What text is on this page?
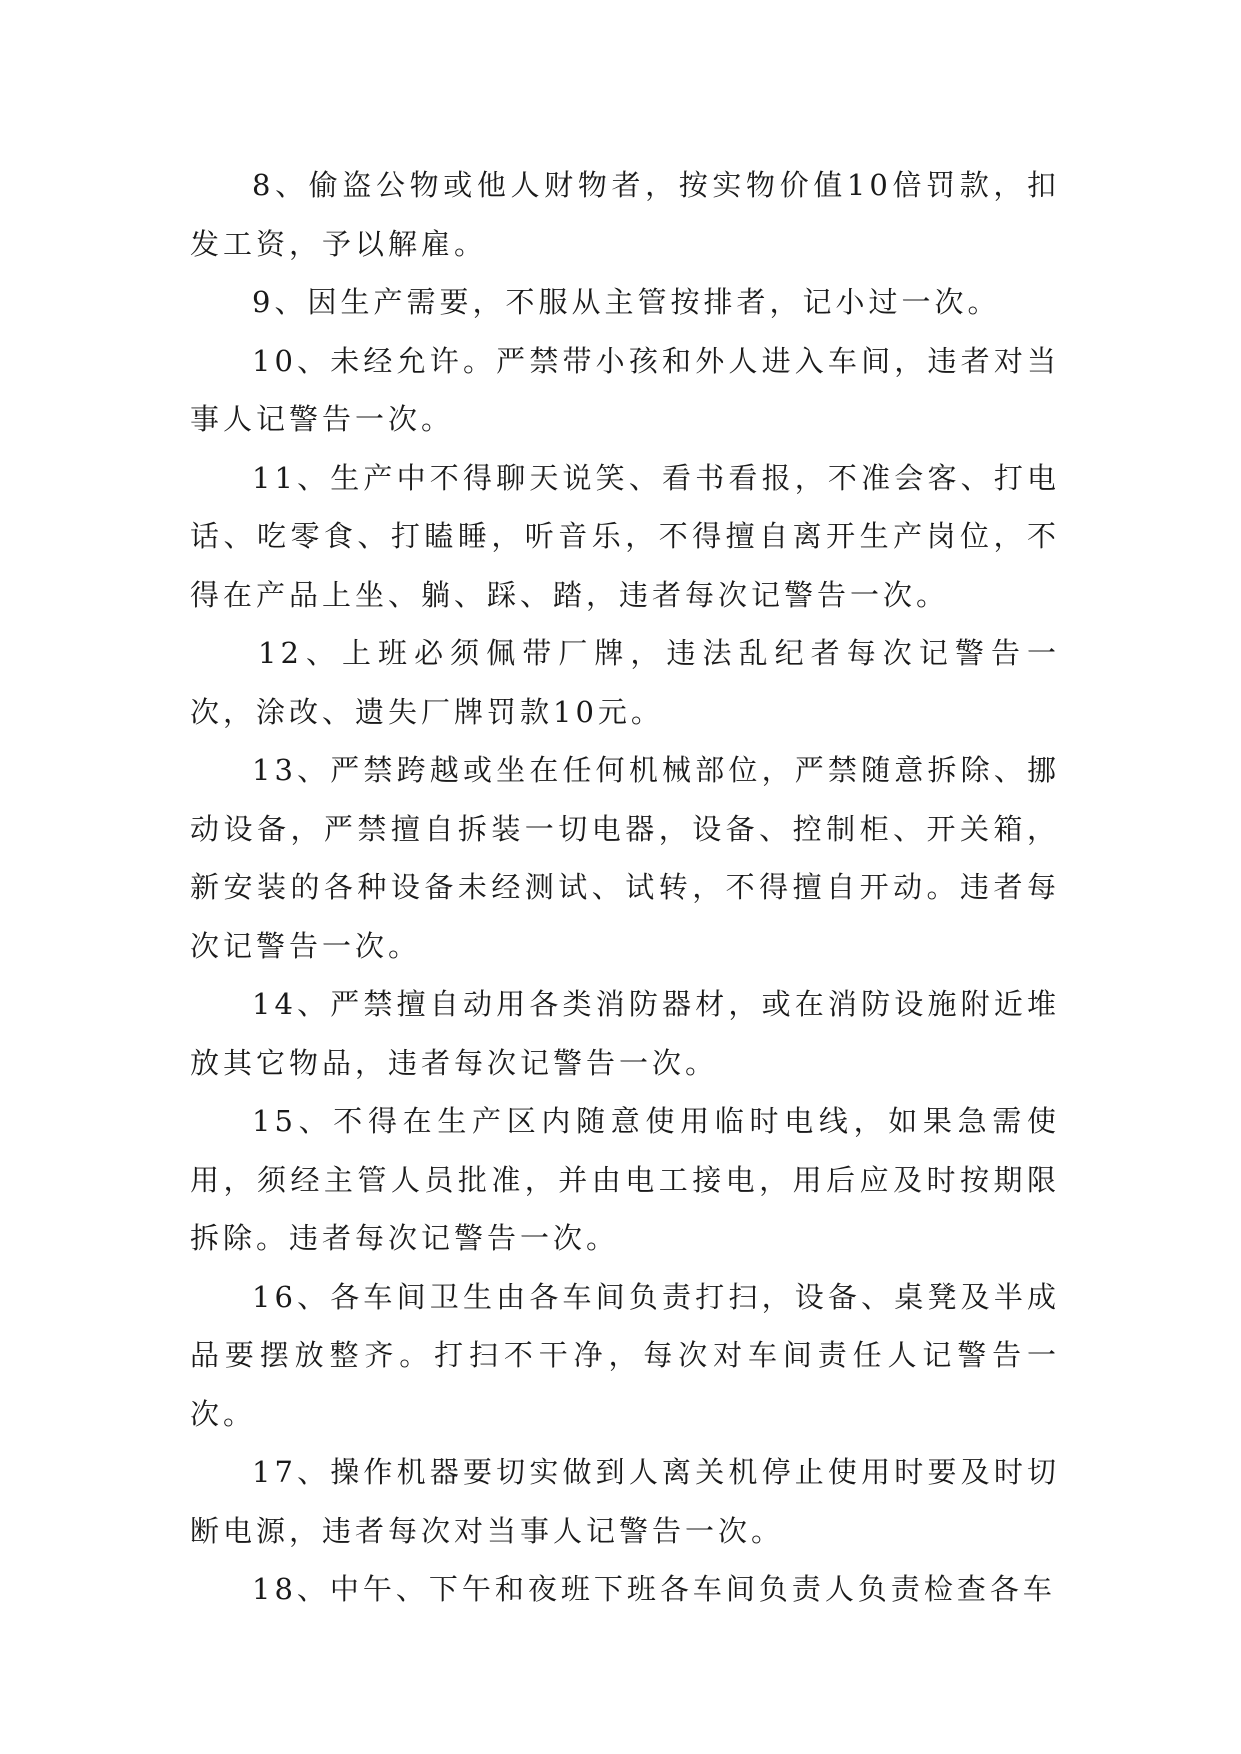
8、偷盗公物或他人财物者，按实物价值10倍罚款，扣发工资，予以解雇。

9、因生产需要，不服从主管按排者，记小过一次。

10、未经允许。严禁带小孩和外人进入车间，违者对当事人记警告一次。

11、生产中不得聊天说笑、看书看报，不准会客、打电话、吃零食、打瞌睡，听音乐，不得擅自离开生产岗位，不得在产品上坐、躺、踩、踏，违者每次记警告一次。

12、上班必须佩带厂牌，违法乱纪者每次记警告一次，涂改、遗失厂牌罚款10元。

13、严禁跨越或坐在任何机械部位，严禁随意拆除、挪动设备，严禁擅自拆装一切电器，设备、控制柜、开关箱，新安装的各种设备未经测试、试转，不得擅自开动。违者每次记警告一次。

14、严禁擅自动用各类消防器材，或在消防设施附近堆放其它物品，违者每次记警告一次。

15、不得在生产区内随意使用临时电线，如果急需使用，须经主管人员批准，并由电工接电，用后应及时按期限拆除。违者每次记警告一次。

16、各车间卫生由各车间负责打扫，设备、桌凳及半成品要摆放整齐。打扫不干净，每次对车间责任人记警告一次。

17、操作机器要切实做到人离关机停止使用时要及时切断电源，违者每次对当事人记警告一次。

18、中午、下午和夜班下班各车间负责人负责检查各车
